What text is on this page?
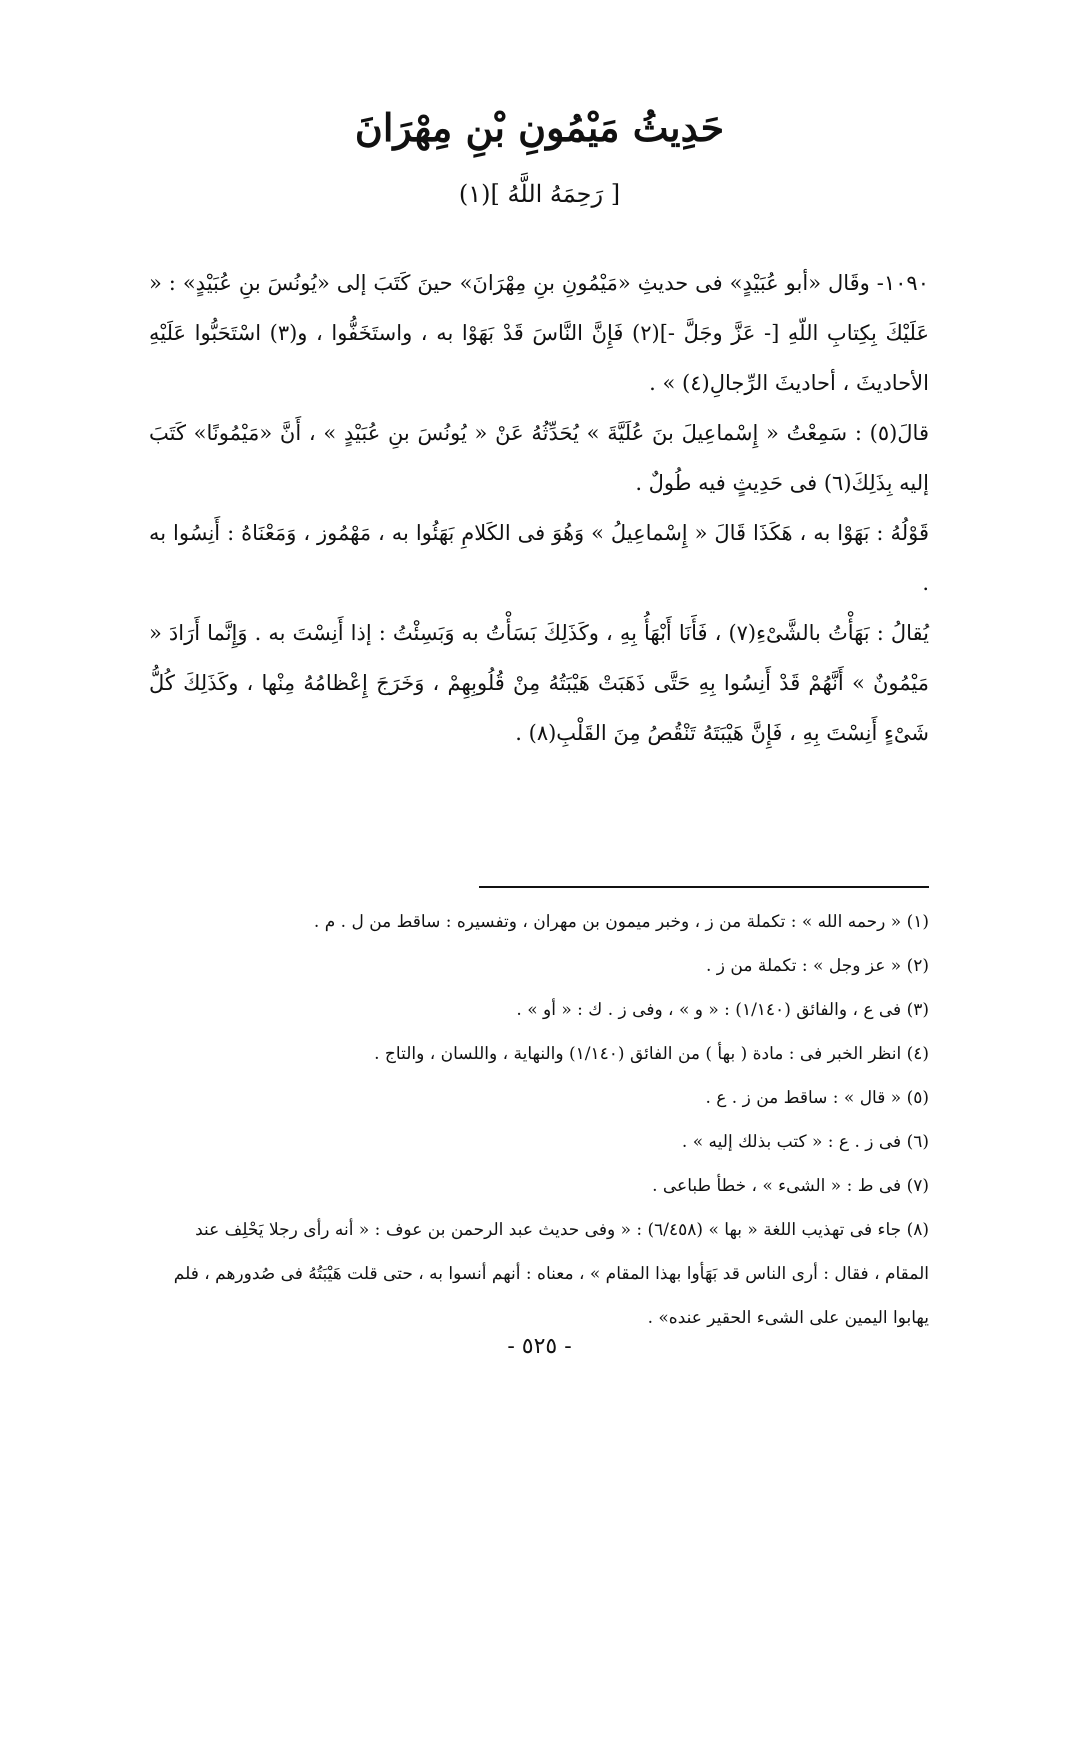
حَدِيثُ مَيْمُونِ بْنِ مِهْرَانَ
[ رَحِمَهُ اللَّهُ ](١)

١٠٩٠- وقَال «أبو عُبَيْدٍ» فى حديثِ «مَيْمُونِ بنِ مِهْرَانَ» حينَ كَتَبَ إلى «يُونُسَ بنِ عُبَيْدٍ» : « عَلَيْكَ بِكِتابِ اللّهِ [- عَزَّ وجَلَّ -](٢) فَإِنَّ النَّاسَ قَدْ بَهَوْا به ، واستَخَفُّوا ، و(٣) اسْتَحَبُّوا عَلَيْهِ الأحاديثَ ، أحاديثَ الرِّجالِ(٤) » .

قالَ(٥) : سَمِعْتُ « إِسْماعِيلَ بنَ عُلَيَّةَ » يُحَدِّثُهُ عَنْ « يُونُسَ بنِ عُبَيْدٍ » ، أَنَّ «مَيْمُونًا» كَتَبَ إليه بِذَلِكَ(٦) فى حَدِيثٍ فيه طُولٌ .

قَوْلُهُ : بَهَوْا به ، هَكَذَا قَالَ « إِسْماعِيلُ » وَهُوَ فى الكَلامِ بَهَئُوا به ، مَهْمُوز ، وَمَعْنَاهُ : أَنِسُوا به .

يُقالُ : بَهَأْتُ بالشَّىْءِ(٧) ، فَأَنَا أَبْهَأُ بِهِ ، وكَذَلِكَ بَسَأْتُ به وَبَسِئْتُ : إذا أَنِسْتَ به . وَإِنَّما أَرَادَ « مَيْمُونٌ » أَنَّهُمْ قَدْ أَنِسُوا بِهِ حَتَّى ذَهَبَتْ هَيْبَتُهُ مِنْ قُلُوبِهِمْ ، وَخَرَجَ إِعْظامُهُ مِنْها ، وكَذَلِكَ كُلُّ شَىْءٍ أَنِسْتَ بِهِ ، فَإِنَّ هَيْبَتَهُ تَنْقُصُ مِنَ القَلْبِ(٨) .

(١) « رحمه الله » : تكملة من ز ، وخبر ميمون بن مهران ، وتفسيره : ساقط من ل . م .

(٢) « عز وجل » : تكملة من ز .

(٣) فى ع ، والفائق (١/١٤٠) : « و » ، وفى ز . ك : « أو » .

(٤) انظر الخبر فى : مادة ( بهأ ) من الفائق (١/١٤٠) والنهاية ، واللسان ، والتاج .

(٥) « قال » : ساقط من ز . ع .

(٦) فى ز . ع : « كتب بذلك إليه » .

(٧) فى ط : « الشىء » ، خطأ طباعى .

(٨) جاء فى تهذيب اللغة « بها » (٦/٤٥٨) : « وفى حديث عبد الرحمن بن عوف : « أنه رأى رجلا يَحْلِف عند المقام ، فقال : أرى الناس قد بَهَأوا بهذا المقام » ، معناه : أنهم أنسوا به ، حتى قلت هَيْبَتُهُ فى صُدورهم ، فلم يهابوا اليمين على الشىء الحقير عنده» .

- ٥٢٥ -
